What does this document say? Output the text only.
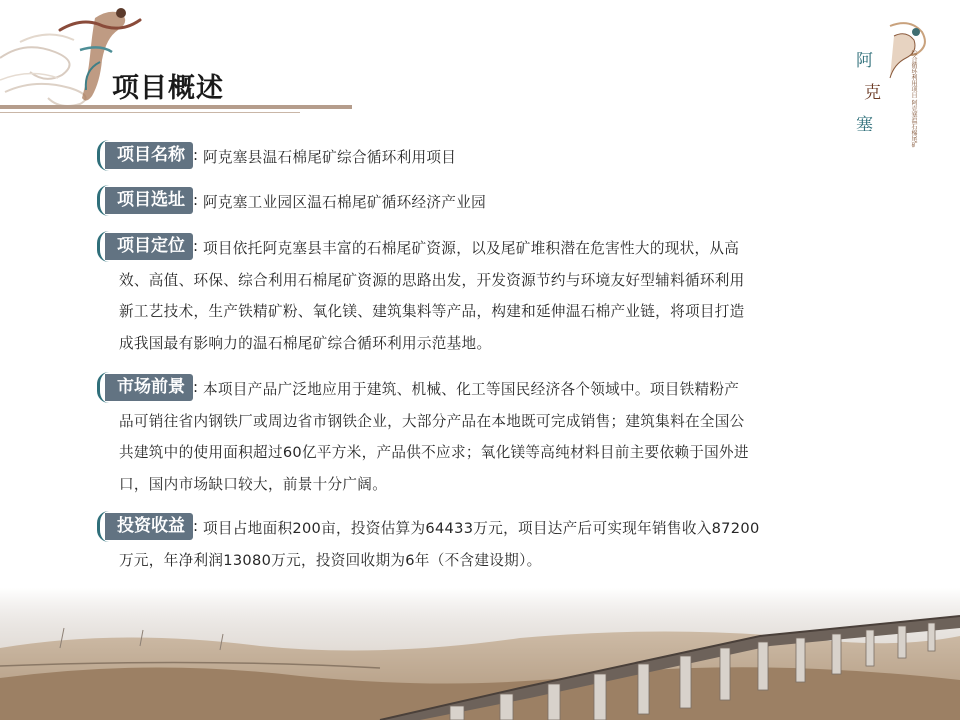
项目概述
阿
克
塞	综合循环利用项目 阿克塞温石棉尾矿
项目名称 : 阿克塞县温石棉尾矿综合循环利用项目
项目选址 : 阿克塞工业园区温石棉尾矿循环经济产业园
项目定位 : 项目依托阿克塞县丰富的石棉尾矿资源，以及尾矿堆积潜在危害性大的现状，从高
效、高值、环保、综合利用石棉尾矿资源的思路出发，开发资源节约与环境友好型辅料循环利用
新工艺技术，生产铁精矿粉、氧化镁、建筑集料等产品，构建和延伸温石棉产业链，将项目打造
成我国最有影响力的温石棉尾矿综合循环利用示范基地。
市场前景 : 本项目产品广泛地应用于建筑、机械、化工等国民经济各个领域中。项目铁精粉产
品可销往省内钢铁厂或周边省市钢铁企业，大部分产品在本地既可完成销售；建筑集料在全国公
共建筑中的使用面积超过60亿平方米，产品供不应求；氧化镁等高纯材料目前主要依赖于国外进
口，国内市场缺口较大，前景十分广阔。
投资收益 : 项目占地面积200亩，投资估算为64433万元，项目达产后可实现年销售收入87200
万元，年净利润13080万元，投资回收期为6年（不含建设期）。
